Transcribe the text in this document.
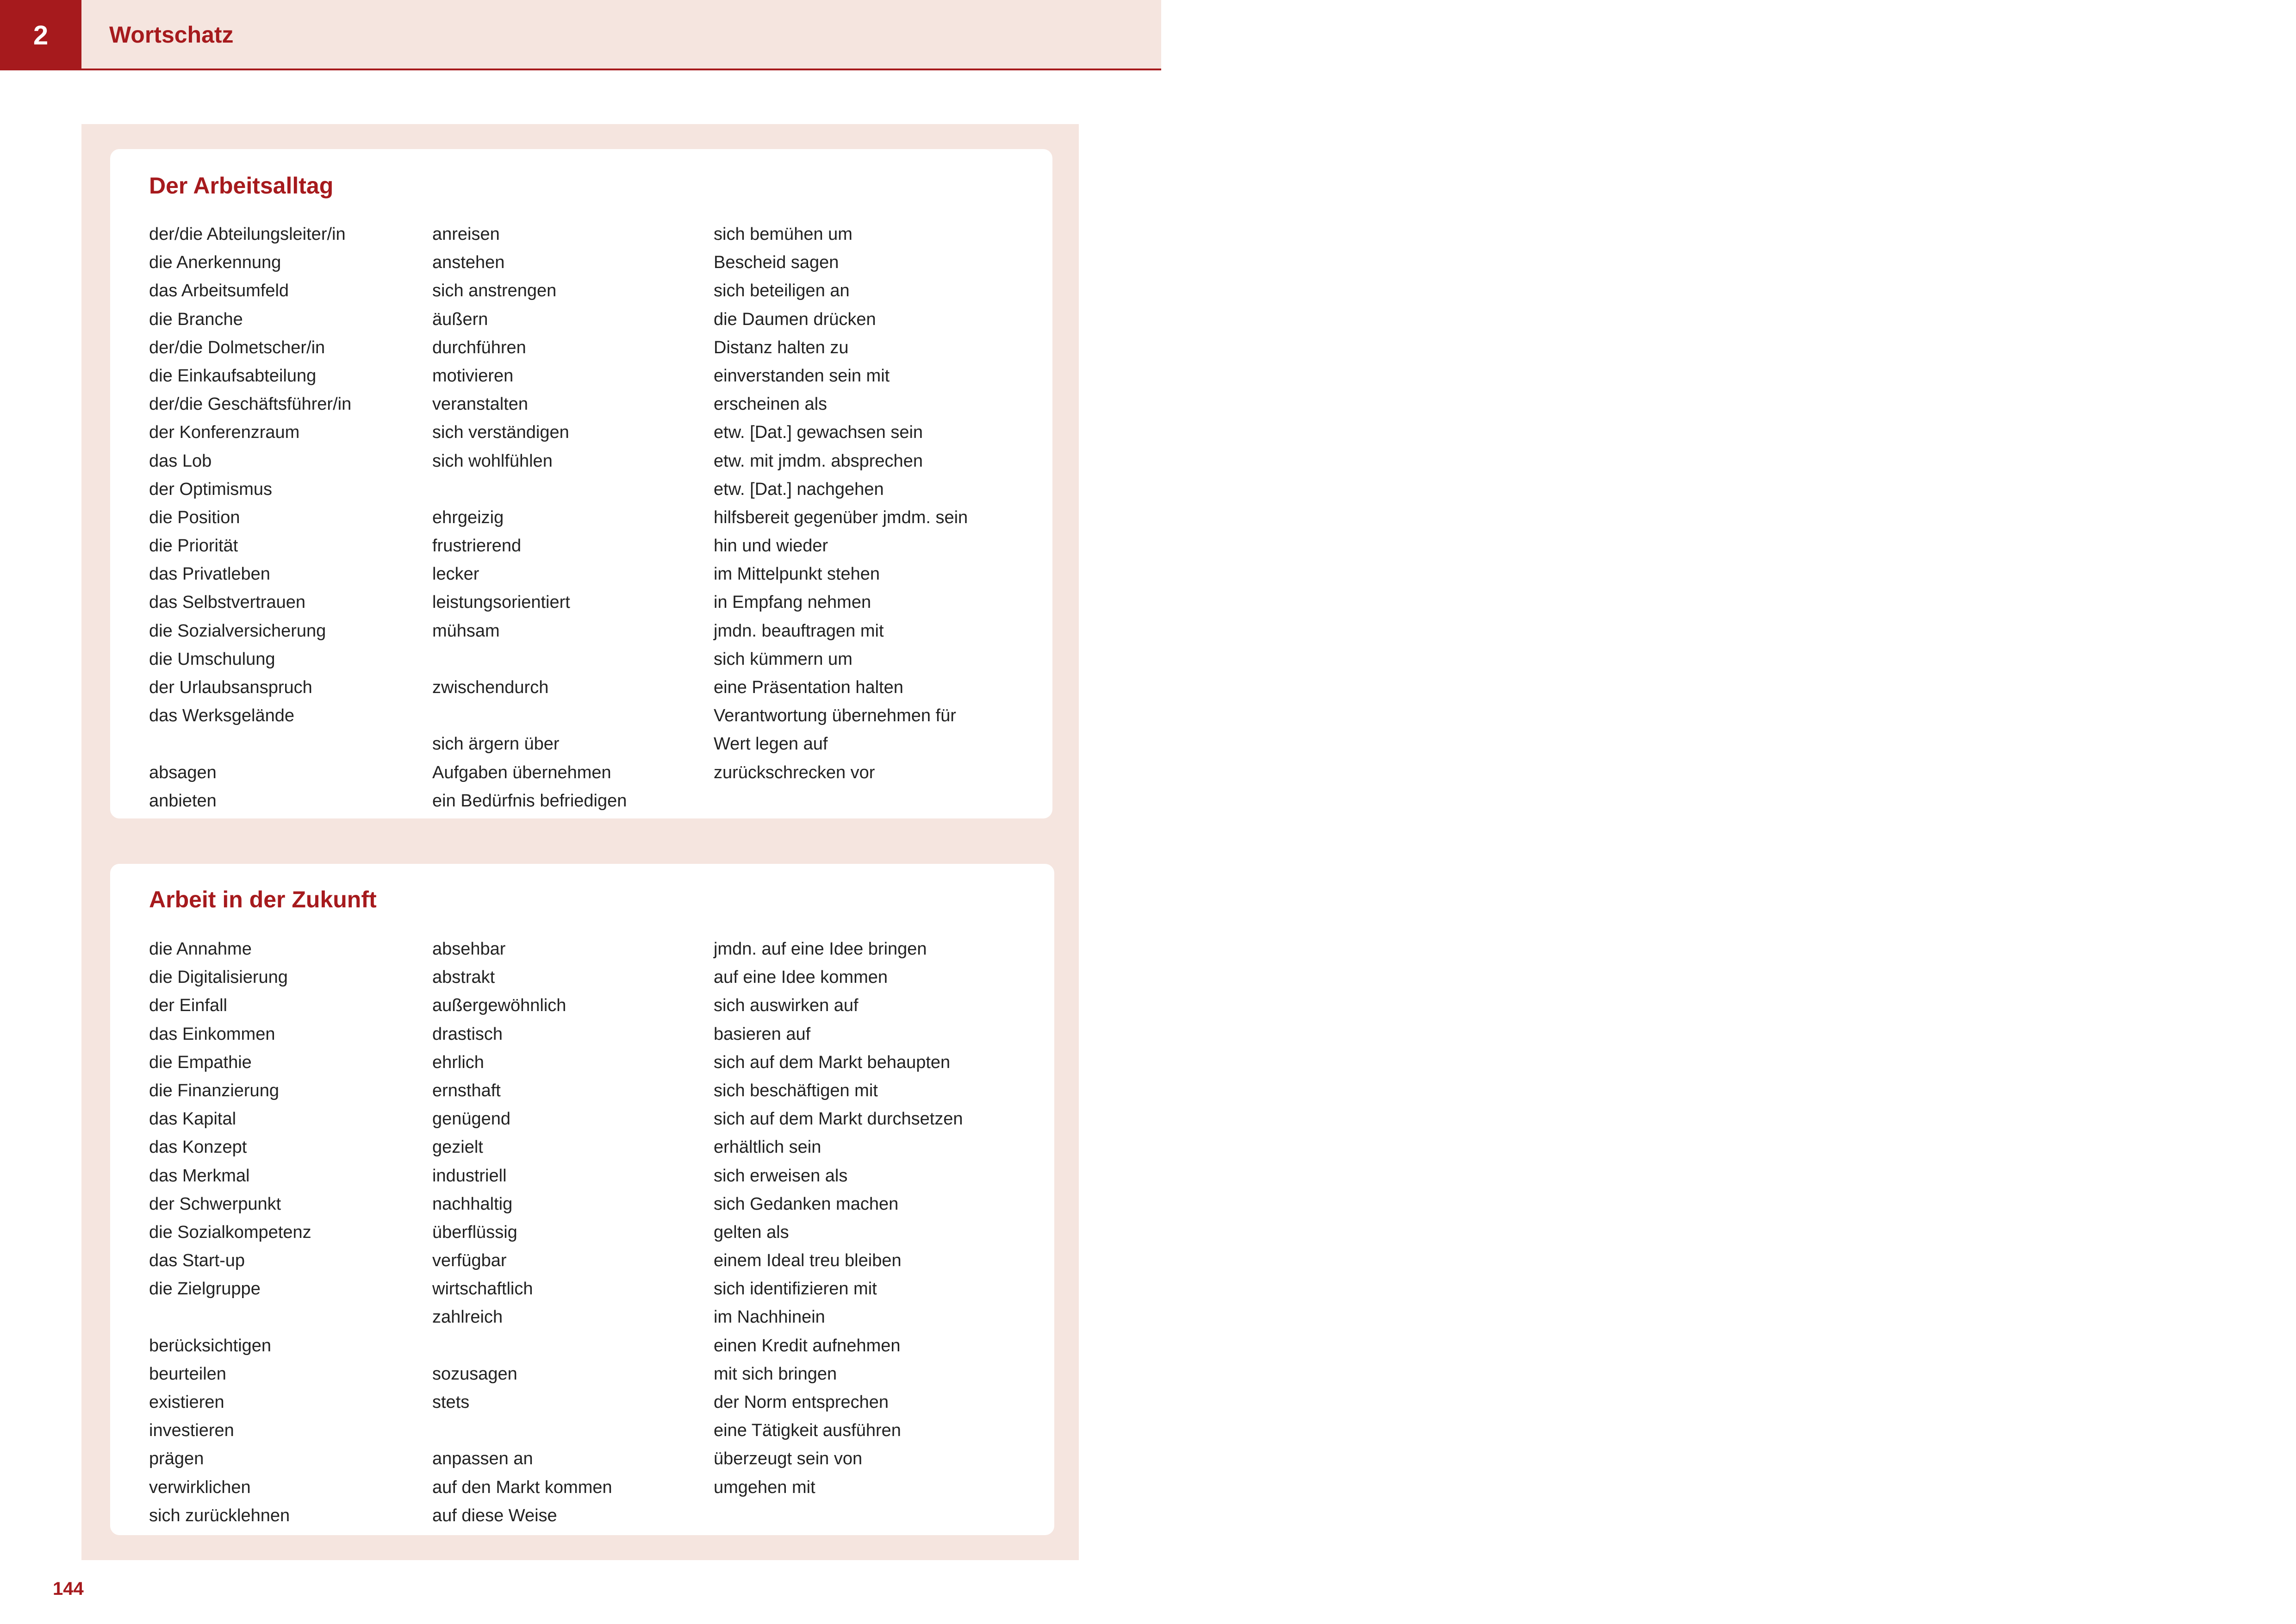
2	Wortschatz
Der Arbeitsalltag
der/die Abteilungsleiter/in
die Anerkennung
das Arbeitsumfeld
die Branche
der/die Dolmetscher/in
die Einkaufsabteilung
der/die Geschäftsführer/in
der Konferenzraum
das Lob
der Optimismus
die Position
die Priorität
das Privatleben
das Selbstvertrauen
die Sozialversicherung
die Umschulung
der Urlaubsanspruch
das Werksgelände
absagen
anbieten
anreisen
anstehen
sich anstrengen
äußern
durchführen
motivieren
veranstalten
sich verständigen
sich wohlfühlen
ehrgeizig
frustrierend
lecker
leistungsorientiert
mühsam
zwischendurch
sich ärgern über
Aufgaben übernehmen
ein Bedürfnis befriedigen
sich bemühen um
Bescheid sagen
sich beteiligen an
die Daumen drücken
Distanz halten zu
einverstanden sein mit
erscheinen als
etw. [Dat.] gewachsen sein
etw. mit jmdm. absprechen
etw. [Dat.] nachgehen
hilfsbereit gegenüber jmdm. sein
hin und wieder
im Mittelpunkt stehen
in Empfang nehmen
jmdn. beauftragen mit
sich kümmern um
eine Präsentation halten
Verantwortung übernehmen für
Wert legen auf
zurückschrecken vor
Arbeit in der Zukunft
die Annahme
die Digitalisierung
der Einfall
das Einkommen
die Empathie
die Finanzierung
das Kapital
das Konzept
das Merkmal
der Schwerpunkt
die Sozialkompetenz
das Start-up
die Zielgruppe
berücksichtigen
beurteilen
existieren
investieren
prägen
verwirklichen
sich zurücklehnen
absehbar
abstrakt
außergewöhnlich
drastisch
ehrlich
ernsthaft
genügend
gezielt
industriell
nachhaltig
überflüssig
verfügbar
wirtschaftlich
zahlreich
sozusagen
stets
anpassen an
auf den Markt kommen
auf diese Weise
jmdn. auf eine Idee bringen
auf eine Idee kommen
sich auswirken auf
basieren auf
sich auf dem Markt behaupten
sich beschäftigen mit
sich auf dem Markt durchsetzen
erhältlich sein
sich erweisen als
sich Gedanken machen
gelten als
einem Ideal treu bleiben
sich identifizieren mit
im Nachhinein
einen Kredit aufnehmen
mit sich bringen
der Norm entsprechen
eine Tätigkeit ausführen
überzeugt sein von
umgehen mit
144
